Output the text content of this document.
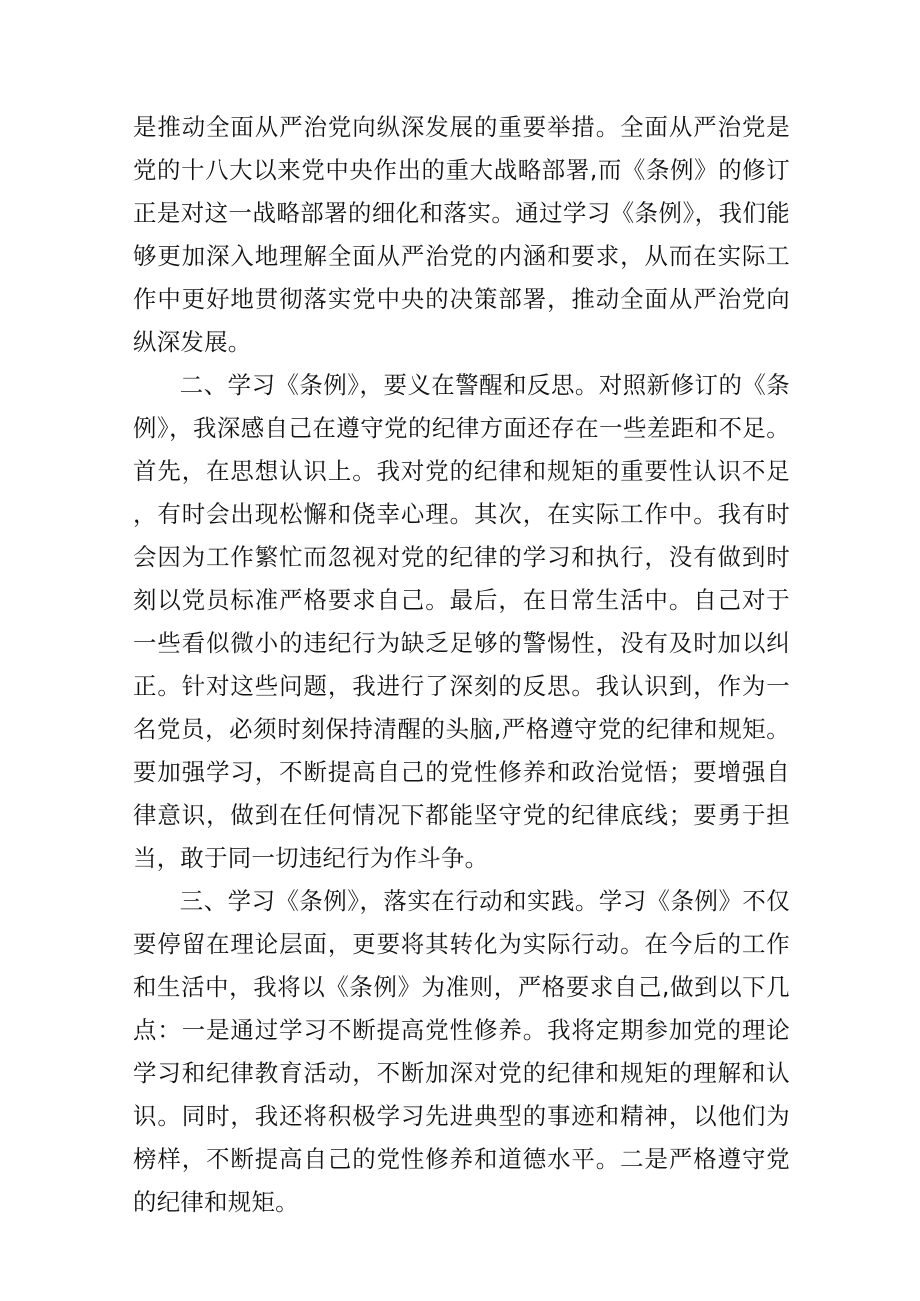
是推动全面从严治党向纵深发展的重要举措。全面从严治党是党的十八大以来党中央作出的重大战略部署,而《条例》的修订正是对这一战略部署的细化和落实。通过学习《条例》，我们能够更加深入地理解全面从严治党的内涵和要求，从而在实际工作中更好地贯彻落实党中央的决策部署，推动全面从严治党向纵深发展。

二、学习《条例》，要义在警醒和反思。对照新修订的《条例》，我深感自己在遵守党的纪律方面还存在一些差距和不足。首先，在思想认识上。我对党的纪律和规矩的重要性认识不足，有时会出现松懈和侥幸心理。其次，在实际工作中。我有时会因为工作繁忙而忽视对党的纪律的学习和执行，没有做到时刻以党员标准严格要求自己。最后，在日常生活中。自己对于一些看似微小的违纪行为缺乏足够的警惕性，没有及时加以纠正。针对这些问题，我进行了深刻的反思。我认识到，作为一名党员，必须时刻保持清醒的头脑,严格遵守党的纪律和规矩。要加强学习，不断提高自己的党性修养和政治觉悟；要增强自律意识，做到在任何情况下都能坚守党的纪律底线；要勇于担当，敢于同一切违纪行为作斗争。

三、学习《条例》，落实在行动和实践。学习《条例》不仅要停留在理论层面，更要将其转化为实际行动。在今后的工作和生活中，我将以《条例》为准则，严格要求自己,做到以下几点：一是通过学习不断提高党性修养。我将定期参加党的理论学习和纪律教育活动，不断加深对党的纪律和规矩的理解和认识。同时，我还将积极学习先进典型的事迹和精神，以他们为榜样，不断提高自己的党性修养和道德水平。二是严格遵守党的纪律和规矩。
